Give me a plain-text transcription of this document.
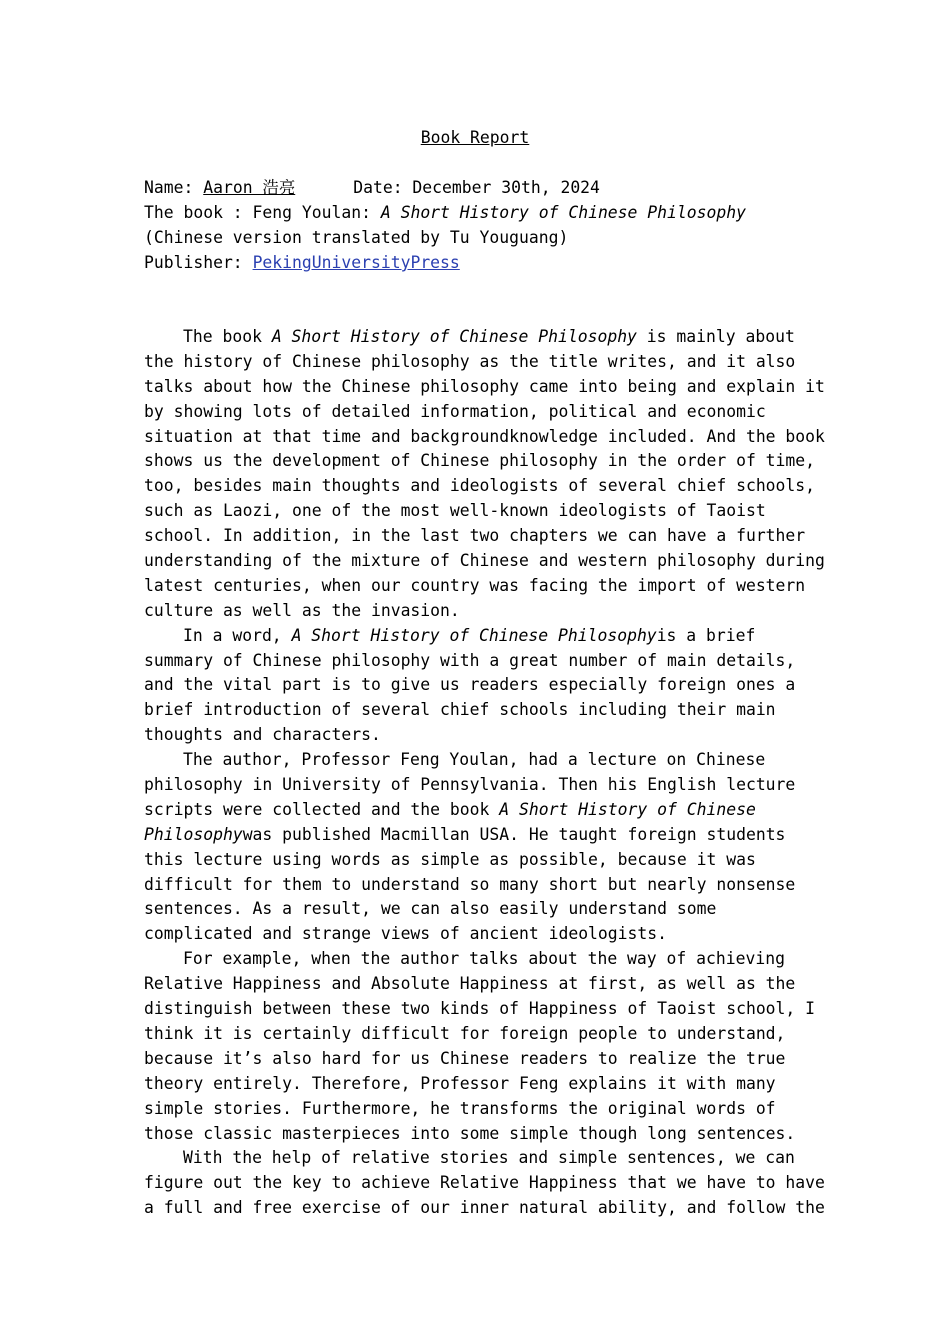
Book Report
Name: Aaron 浩亮	Date: December 30th, 2024
The book : Feng Youlan: A Short History of Chinese Philosophy
(Chinese version translated by Tu Youguang)
Publisher: PekingUniversityPress
The book A Short History of Chinese Philosophy is mainly about
the history of Chinese philosophy as the title writes, and it also
talks about how the Chinese philosophy came into being and explain it
by showing lots of detailed information, political and economic
situation at that time and backgroundknowledge included. And the book
shows us the development of Chinese philosophy in the order of time,
too, besides main thoughts and ideologists of several chief schools,
such as Laozi, one of the most well-known ideologists of Taoist
school. In addition, in the last two chapters we can have a further
understanding of the mixture of Chinese and western philosophy during
latest centuries, when our country was facing the import of western
culture as well as the invasion.
In a word, A Short History of Chinese Philosophyis a brief
summary of Chinese philosophy with a great number of main details,
and the vital part is to give us readers especially foreign ones a
brief introduction of several chief schools including their main
thoughts and characters.
The author, Professor Feng Youlan, had a lecture on Chinese
philosophy in University of Pennsylvania. Then his English lecture
scripts were collected and the book A Short History of Chinese
Philosophywas published Macmillan USA. He taught foreign students
this lecture using words as simple as possible, because it was
difficult for them to understand so many short but nearly nonsense
sentences. As a result, we can also easily understand some
complicated and strange views of ancient ideologists.
For example, when the author talks about the way of achieving
Relative Happiness and Absolute Happiness at first, as well as the
distinguish between these two kinds of Happiness of Taoist school, I
think it is certainly difficult for foreign people to understand,
because it’s also hard for us Chinese readers to realize the true
theory entirely. Therefore, Professor Feng explains it with many
simple stories. Furthermore, he transforms the original words of
those classic masterpieces into some simple though long sentences.
With the help of relative stories and simple sentences, we can
figure out the key to achieve Relative Happiness that we have to have
a full and free exercise of our inner natural ability, and follow the
